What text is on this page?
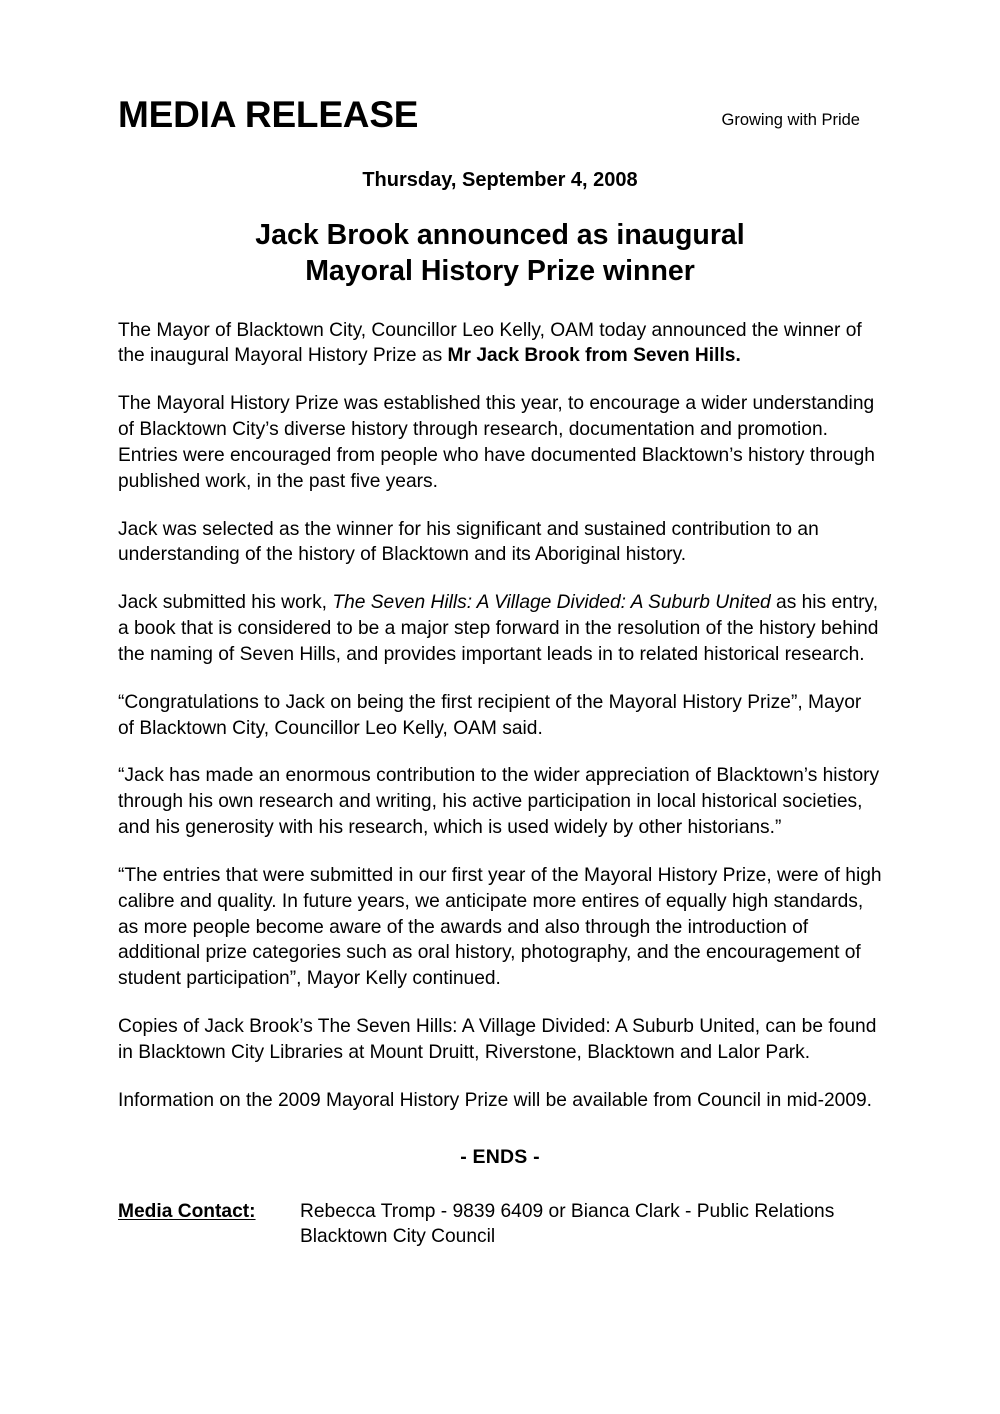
MEDIA RELEASE	Growing with Pride
Thursday, September 4, 2008
Jack Brook announced as inaugural
Mayoral History Prize winner

The Mayor of Blacktown City, Councillor Leo Kelly, OAM today announced the winner of the inaugural Mayoral History Prize as Mr Jack Brook from Seven Hills.

The Mayoral History Prize was established this year, to encourage a wider understanding of Blacktown City’s diverse history through research, documentation and promotion. Entries were encouraged from people who have documented Blacktown’s history through published work, in the past five years.

Jack was selected as the winner for his significant and sustained contribution to an understanding of the history of Blacktown and its Aboriginal history.

Jack submitted his work, The Seven Hills: A Village Divided: A Suburb United as his entry, a book that is considered to be a major step forward in the resolution of the history behind the naming of Seven Hills, and provides important leads in to related historical research.

“Congratulations to Jack on being the first recipient of the Mayoral History Prize”, Mayor of Blacktown City, Councillor Leo Kelly, OAM said.

“Jack has made an enormous contribution to the wider appreciation of Blacktown’s history through his own research and writing, his active participation in local historical societies, and his generosity with his research, which is used widely by other historians.”

“The entries that were submitted in our first year of the Mayoral History Prize, were of high calibre and quality. In future years, we anticipate more entires of equally high standards, as more people become aware of the awards and also through the introduction of additional prize categories such as oral history, photography, and the encouragement of student participation”, Mayor Kelly continued.

Copies of Jack Brook’s The Seven Hills: A Village Divided: A Suburb United, can be found in Blacktown City Libraries at Mount Druitt, Riverstone, Blacktown and Lalor Park.

Information on the 2009 Mayoral History Prize will be available from Council in mid-2009.

- ENDS -
Media Contact:	Rebecca Tromp - 9839 6409 or Bianca Clark - Public Relations
Blacktown City Council
